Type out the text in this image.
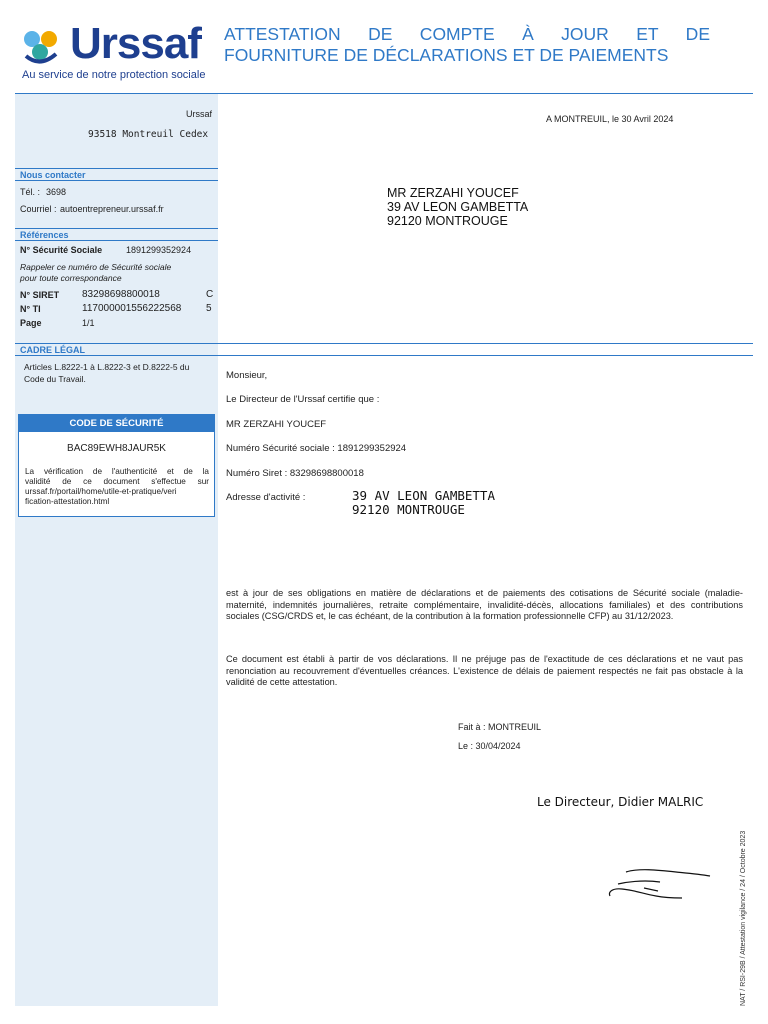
Urssaf
Au service de notre protection sociale
ATTESTATION DE COMPTE À JOUR ET DE
FOURNITURE DE DÉCLARATIONS ET DE PAIEMENTS
Urssaf
93518 Montreuil Cedex
A MONTREUIL, le 30 Avril 2024
MR ZERZAHI YOUCEF
39 AV LEON GAMBETTA
92120 MONTROUGE
Nous contacter
Tél. : 3698
Courriel : autoentrepreneur.urssaf.fr
Références
N° Sécurité Sociale	1891299352924
Rappeler ce numéro de Sécurité sociale
pour toute correspondance
N° SIRET 83298698800018	C
N° TI	117000001556222568 5
Page	1/1
CADRE LÉGAL
Articles L.8222-1 à L.8222-3 et D.8222-5 du
Code du Travail.
CODE DE SÉCURITÉ
BAC89EWH8JAUR5K
La vérification de l'authenticité et de la
validité de ce document s'effectue sur
urssaf.fr/portail/home/utile-et-pratique/veri
fication-attestation.html
Monsieur,
Le Directeur de l'Urssaf certifie que :
MR ZERZAHI YOUCEF
Numéro Sécurité sociale : 1891299352924
Numéro Siret : 83298698800018
Adresse d'activité :	39 AV LEON GAMBETTA
92120 MONTROUGE
est à jour de ses obligations en matière de déclarations et de paiements des cotisations de Sécurité sociale (maladie-maternité, indemnités journalières, retraite complémentaire, invalidité-décès, allocations familiales) et des contributions sociales (CSG/CRDS et, le cas échéant, de la contribution à la formation professionnelle CFP) au 31/12/2023.
Ce document est établi à partir de vos déclarations. Il ne préjuge pas de l'exactitude de ces déclarations et ne vaut pas renonciation au recouvrement d'éventuelles créances. L'existence de délais de paiement respectés ne fait pas obstacle à la validité de cette attestation.
Fait à : MONTREUIL
Le : 30/04/2024
Le Directeur, Didier MALRIC
NAT / RSI-29B / Attestation vigilance / 24 / Octobre 2023
